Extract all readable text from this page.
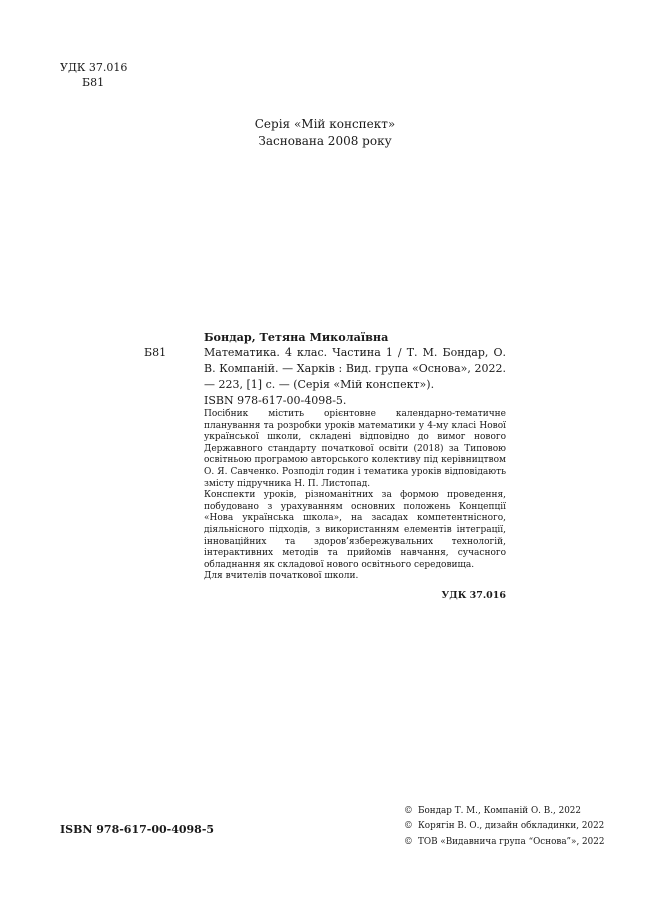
УДК 37.016
Б81
Серія «Мій конспект»
Заснована 2008 року
Бондар, Тетяна Миколаївна
Б81	Математика. 4 клас. Частина 1 / Т. М. Бондар, О. В. Компаній. — Харків : Вид. група «Основа», 2022. — 223, [1] с. — (Серія «Мій конспект»).
ISBN 978-617-00-4098-5.

Посібник містить орієнтовне календарно-тематичне планування та розробки уроків математики у 4-му класі Нової української школи, складені відповідно до вимог нового Державного стандарту початкової освіти (2018) за Типовою освітньою програмою авторського колективу під керівництвом О. Я. Савченко. Розподіл годин і тематика уроків відповідають змісту підручника Н. П. Листопад.

Конспекти уроків, різноманітних за формою проведення, побудовано з урахуванням основних положень Концепції «Нова українська школа», на засадах компетентнісного, діяльнісного підходів, з використанням елементів інтеграції, інноваційних та здоров’язбережувальних технологій, інтерактивних методів та прийомів навчання, сучасного обладнання як складової нового освітнього середовища.

Для вчителів початкової школи.

УДК 37.016
ISBN 978-617-00-4098-5
© Бондар Т. М., Компаній О. В., 2022
© Корягін В. О., дизайн обкладинки, 2022
© ТОВ «Видавнича група “Основа”», 2022
